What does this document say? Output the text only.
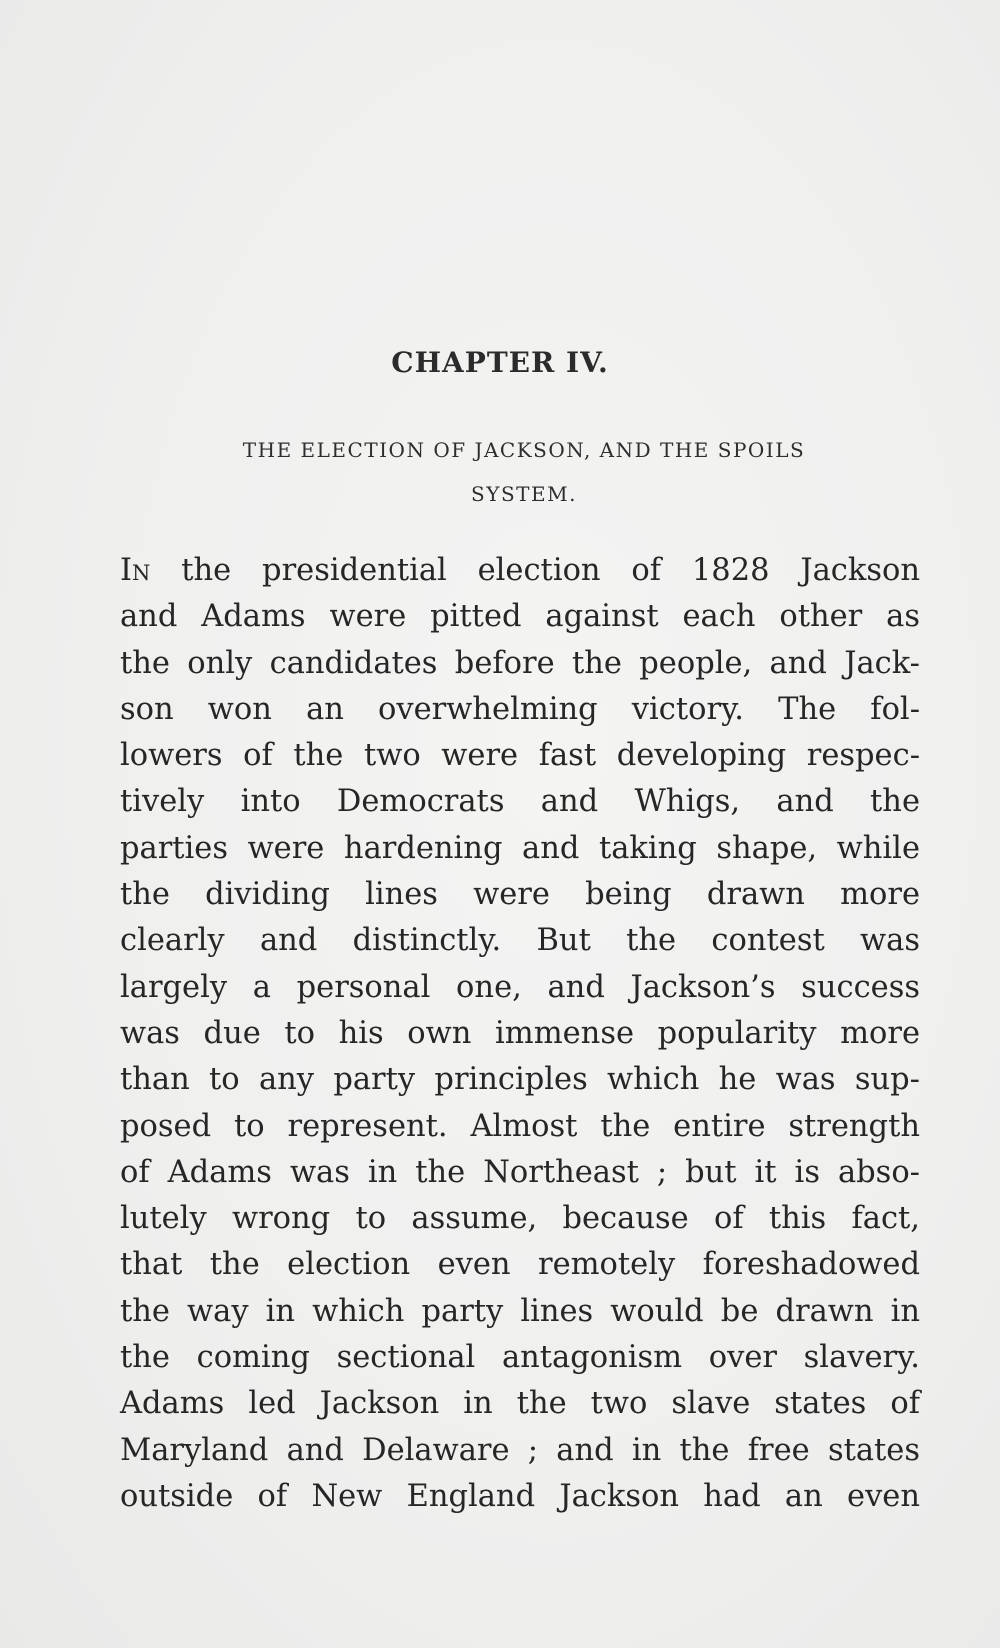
CHAPTER IV.
THE ELECTION OF JACKSON, AND THE SPOILS
SYSTEM.
In the presidential election of 1828 Jackson
and Adams were pitted against each other as
the only candidates before the people, and Jack-
son won an overwhelming victory. The fol-
lowers of the two were fast developing respec-
tively into Democrats and Whigs, and the
parties were hardening and taking shape, while
the dividing lines were being drawn more
clearly and distinctly. But the contest was
largely a personal one, and Jackson’s success
was due to his own immense popularity more
than to any party principles which he was sup-
posed to represent. Almost the entire strength
of Adams was in the Northeast ; but it is abso-
lutely wrong to assume, because of this fact,
that the election even remotely foreshadowed
the way in which party lines would be drawn in
the coming sectional antagonism over slavery.
Adams led Jackson in the two slave states of
Maryland and Delaware ; and in the free states
outside of New England Jackson had an even
